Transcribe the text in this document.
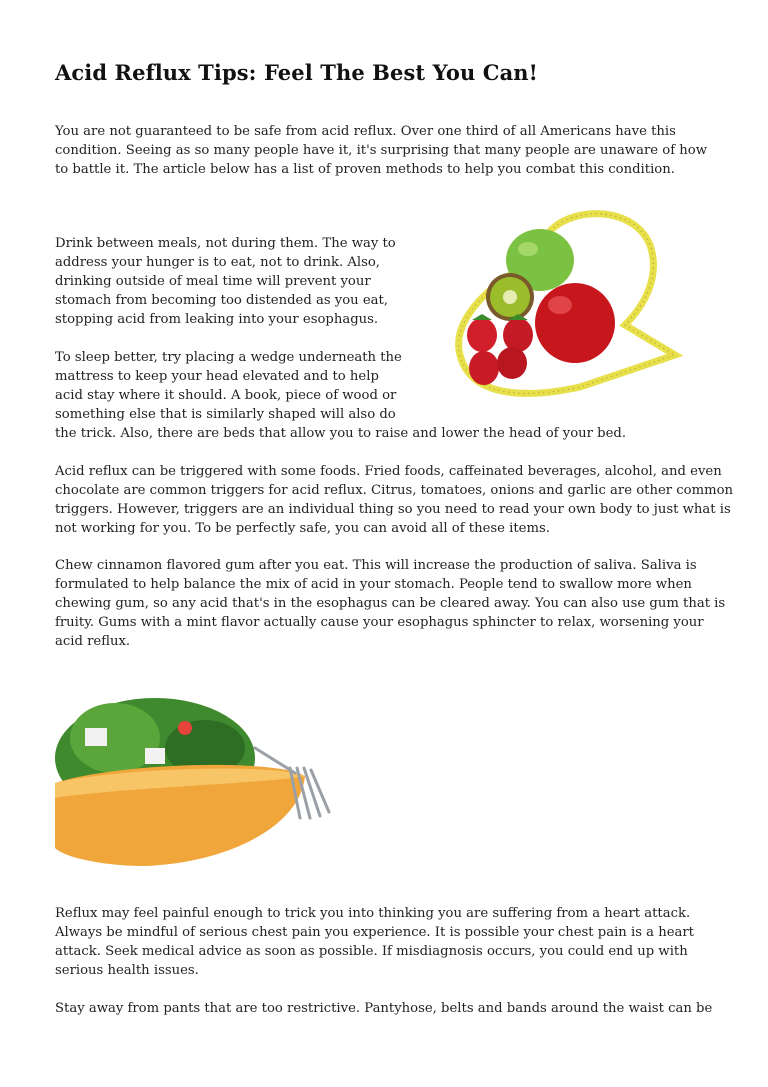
Acid Reflux Tips: Feel The Best You Can!
You are not guaranteed to be safe from acid reflux. Over one third of all Americans have this condition. Seeing as so many people have it, it's surprising that many people are unaware of how to battle it. The article below has a list of proven methods to help you combat this condition.
Drink between meals, not during them. The way to
address your hunger is to eat, not to drink. Also,
drinking outside of meal time will prevent your
stomach from becoming too distended as you eat,
stopping acid from leaking into your esophagus.
To sleep better, try placing a wedge underneath the
mattress to keep your head elevated and to help
acid stay where it should. A book, piece of wood or
something else that is similarly shaped will also do
the trick. Also, there are beds that allow you to raise and lower the head of your bed.
Acid reflux can be triggered with some foods. Fried foods, caffeinated beverages, alcohol, and even
chocolate are common triggers for acid reflux. Citrus, tomatoes, onions and garlic are other common
triggers. However, triggers are an individual thing so you need to read your own body to just what is
not working for you. To be perfectly safe, you can avoid all of these items.
Chew cinnamon flavored gum after you eat. This will increase the production of saliva. Saliva is
formulated to help balance the mix of acid in your stomach. People tend to swallow more when
chewing gum, so any acid that's in the esophagus can be cleared away. You can also use gum that is
fruity. Gums with a mint flavor actually cause your esophagus sphincter to relax, worsening your
acid reflux.
Reflux may feel painful enough to trick you into thinking you are suffering from a heart attack.
Always be mindful of serious chest pain you experience. It is possible your chest pain is a heart
attack. Seek medical advice as soon as possible. If misdiagnosis occurs, you could end up with
serious health issues.
Stay away from pants that are too restrictive. Pantyhose, belts and bands around the waist can be
